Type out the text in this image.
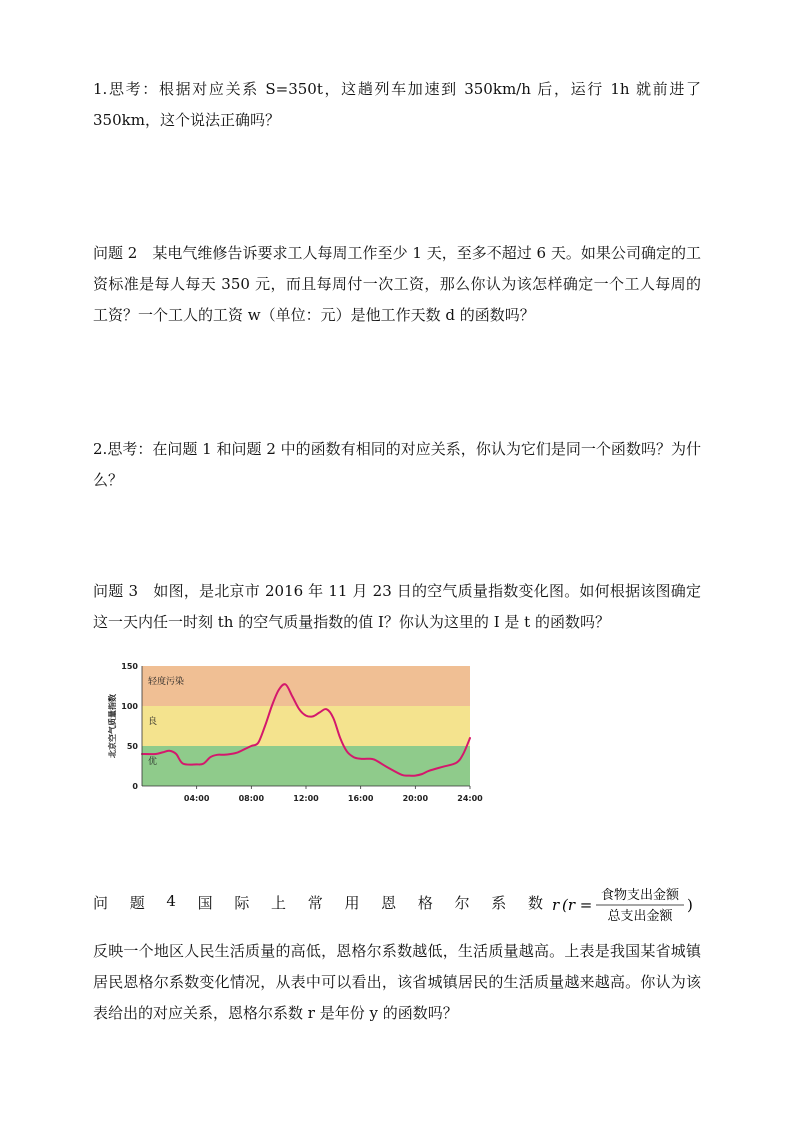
1.思考：根据对应关系 S=350t，这趟列车加速到 350km/h 后，运行 1h 就前进了 350km，这个说法正确吗？

问题 2　某电气维修告诉要求工人每周工作至少 1 天，至多不超过 6 天。如果公司确定的工资标准是每人每天 350 元，而且每周付一次工资，那么你认为该怎样确定一个工人每周的工资？一个工人的工资 w（单位：元）是他工作天数 d 的函数吗？

2.思考：在问题 1 和问题 2 中的函数有相同的对应关系，你认为它们是同一个函数吗？为什么？

问题 3　如图，是北京市 2016 年 11 月 23 日的空气质量指数变化图。如何根据该图确定这一天内任一时刻 th 的空气质量指数的值 I？你认为这里的 I 是 t 的函数吗？

优
良
轻度污染
0
50
100
150
04:00	08:00	12:00	16:00	20:00	24:00
北京空气质量指数
问 题 4 国 际 上 常 用 恩 格 尔 系 数 r (r =
食物支出金额
总支出金额
)

反映一个地区人民生活质量的高低，恩格尔系数越低，生活质量越高。上表是我国某省城镇居民恩格尔系数变化情况，从表中可以看出，该省城镇居民的生活质量越来越高。你认为该表给出的对应关系，恩格尔系数 r 是年份 y 的函数吗？
